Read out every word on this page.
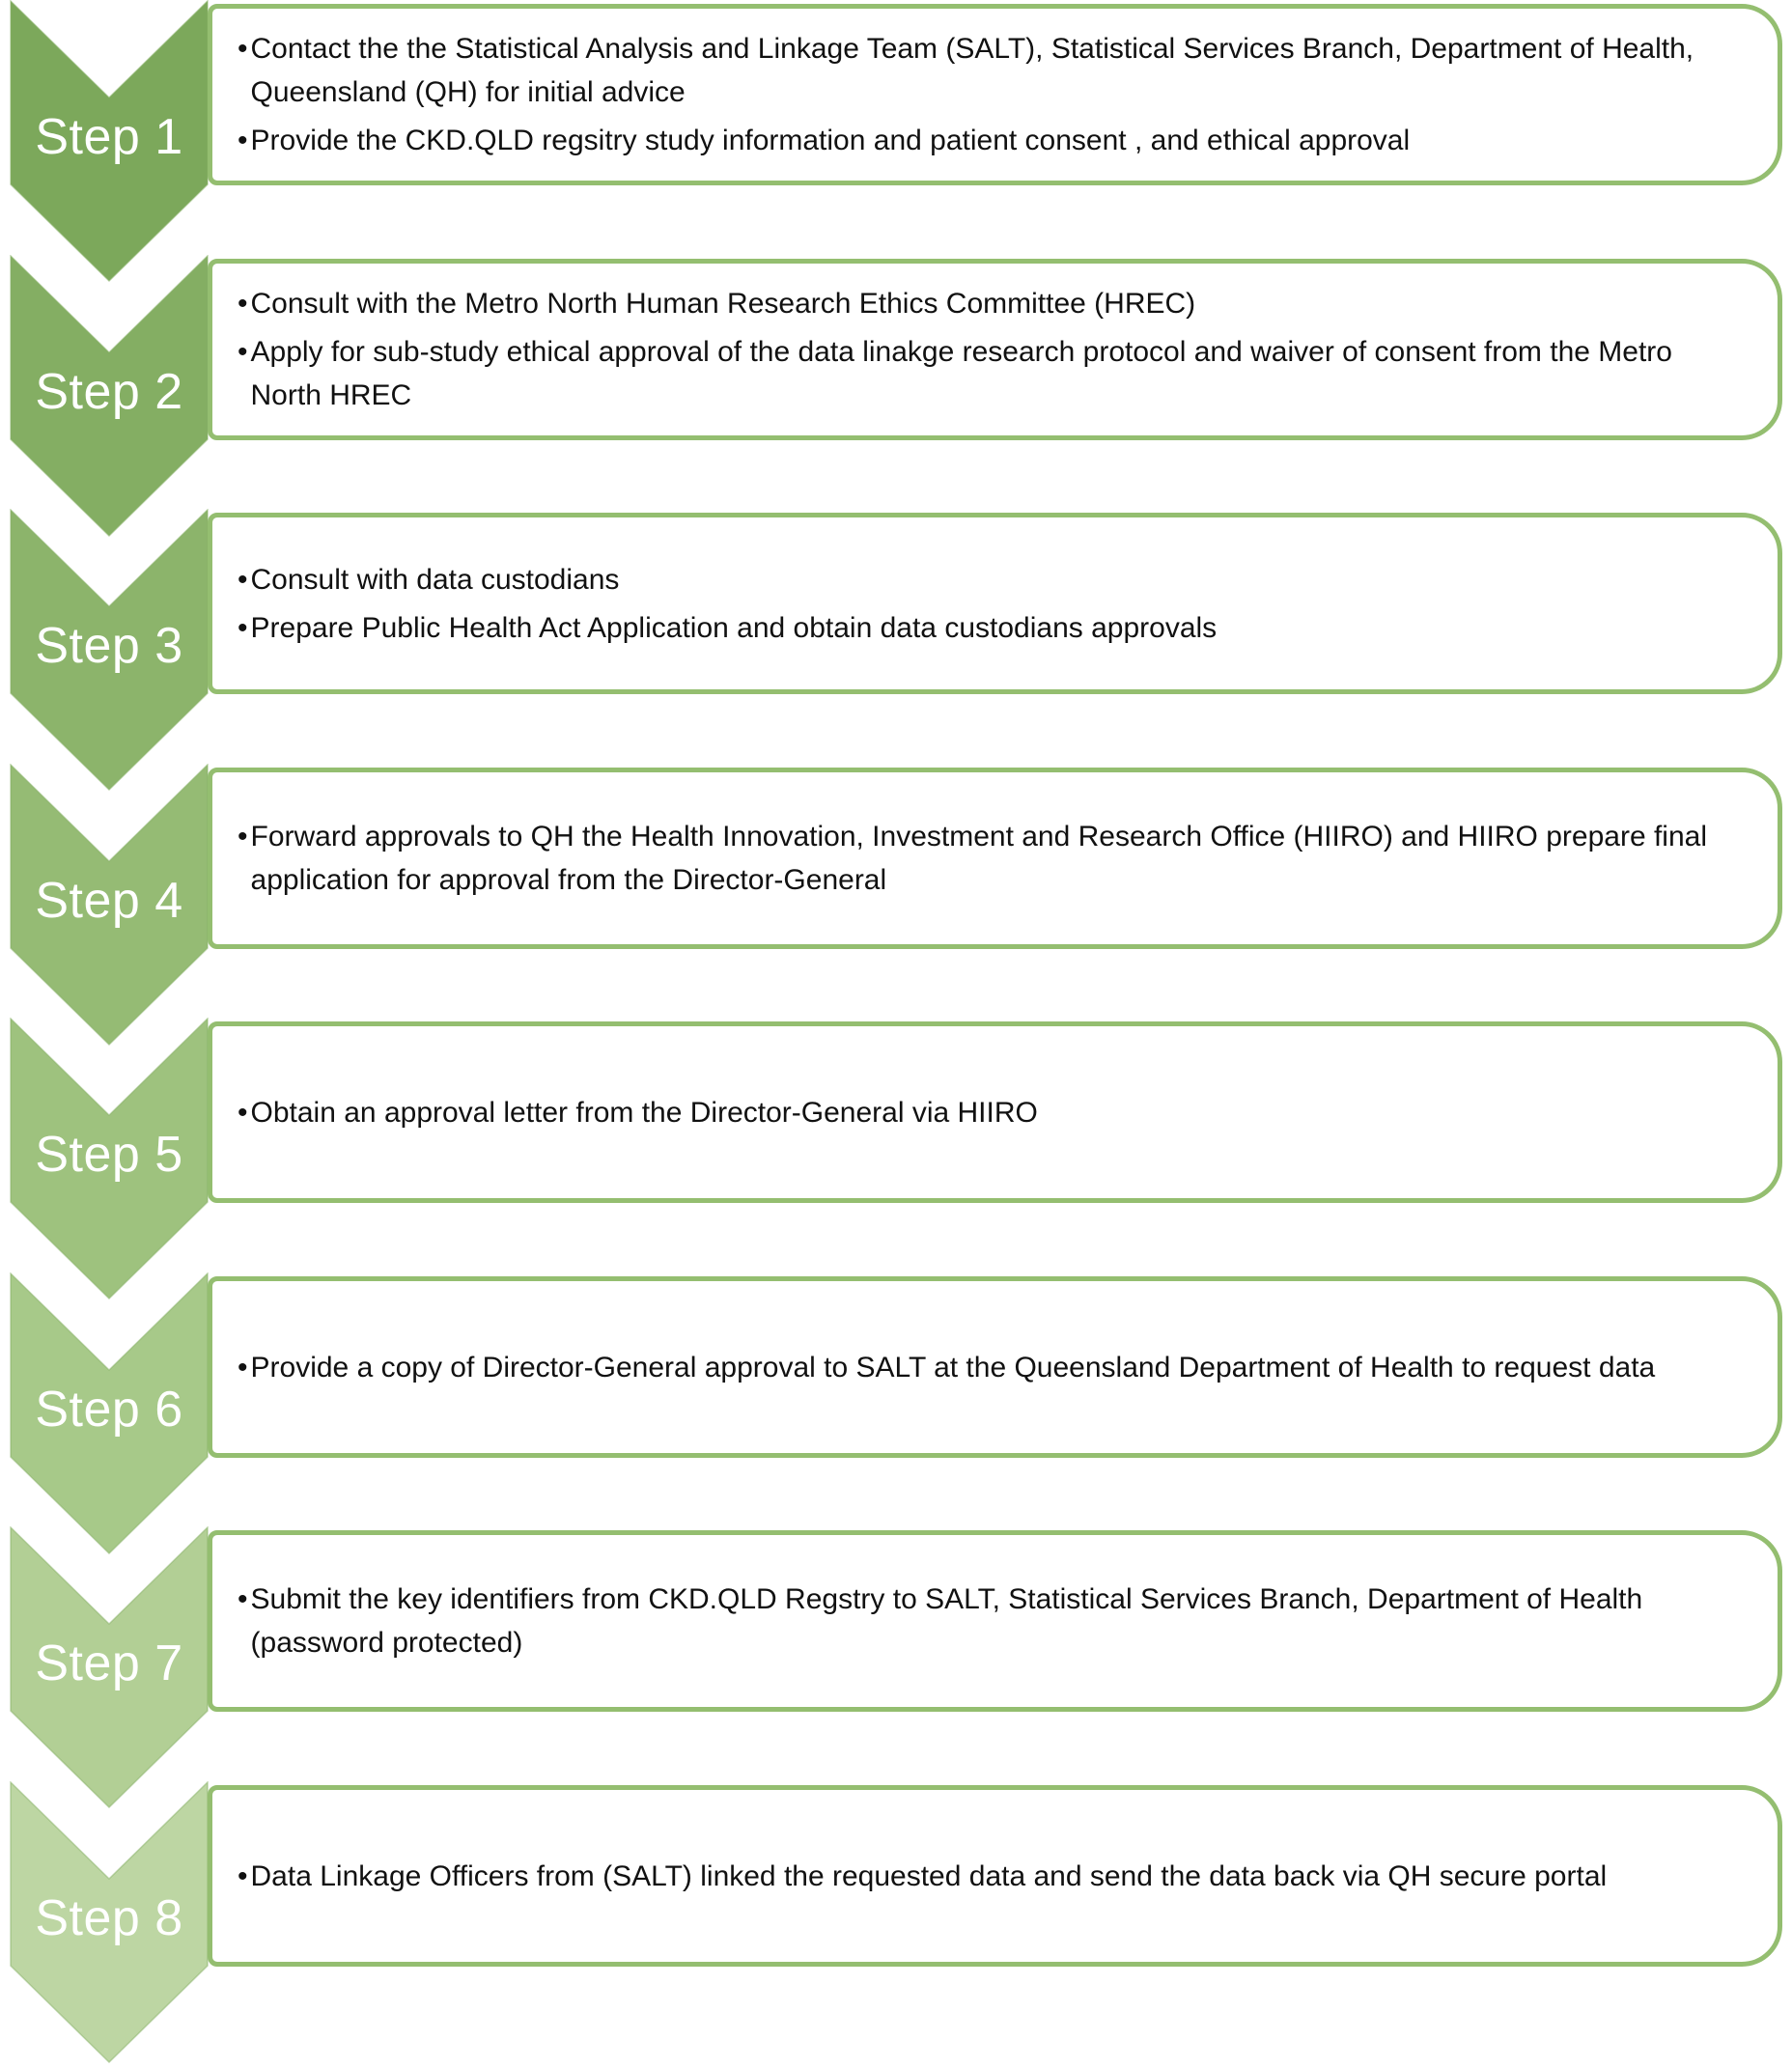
Step 1
• Contact the the Statistical Analysis and Linkage Team (SALT), Statistical Services Branch, Department of Health, Queensland (QH) for initial advice
• Provide the CKD.QLD regsitry study information and patient consent , and ethical approval
Step 2
• Consult with the Metro North Human Research Ethics Committee (HREC)
• Apply for sub-study ethical approval of the data linakge research protocol and waiver of consent from the Metro North HREC
Step 3
• Consult with data custodians
• Prepare Public Health Act Application and obtain data custodians approvals
Step 4
• Forward approvals to QH the Health Innovation, Investment and Research Office (HIIRO) and HIIRO prepare final application for approval from the Director-General
Step 5
• Obtain an approval letter from the Director-General via HIIRO
Step 6
• Provide a copy of Director-General approval to SALT at the Queensland Department of Health to request data
Step 7
• Submit the key identifiers from CKD.QLD Regstry to SALT, Statistical Services Branch, Department of Health (password protected)
Step 8
• Data Linkage Officers from (SALT) linked the requested data and send the data back via QH secure portal
